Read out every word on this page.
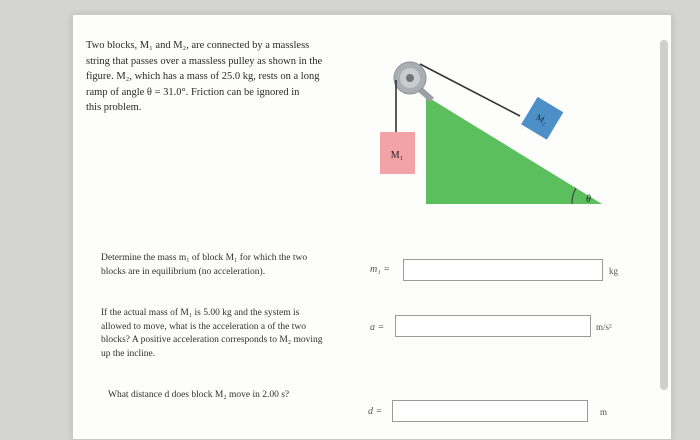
Two blocks, M₁ and M₂, are connected by a massless
string that passes over a massless pulley as shown in the
figure. M₂, which has a mass of 25.0 kg, rests on a long
ramp of angle θ = 31.0°. Friction can be ignored in
this problem.
M₁
M₂
θ
Determine the mass m₁ of block M₁ for which the two
blocks are in equilibrium (no acceleration).	m₁ =	kg
If the actual mass of M₁ is 5.00 kg and the system is
allowed to move, what is the acceleration a of the two
blocks? A positive acceleration corresponds to M₂ moving
up the incline.
a =	m/s²
What distance d does block M₂ move in 2.00 s?
d =	m
